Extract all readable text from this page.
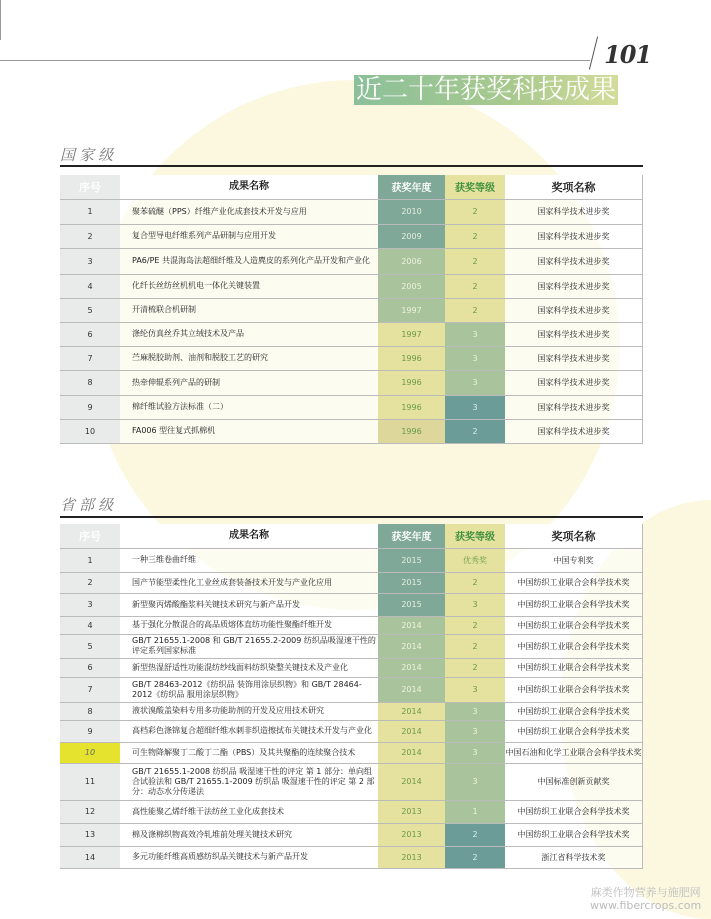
101
近二十年获奖科技成果
国家级
序号	成果名称	获奖年度	获奖等级	奖项名称
1	聚苯硫醚（PPS）纤维产业化成套技术开发与应用	2010	2	国家科学技术进步奖
2	复合型导电纤维系列产品研制与应用开发	2009	2	国家科学技术进步奖
3	PA6/PE 共混海岛法超细纤维及人造麂皮的系列化产品开发和产业化	2006	2	国家科学技术进步奖
4	化纤长丝纺丝机机电一体化关键装置	2005	2	国家科学技术进步奖
5	开清梳联合机研制	1997	2	国家科学技术进步奖
6	涤纶仿真丝乔其立绒技术及产品	1997	3	国家科学技术进步奖
7	苎麻脱胶助剂、油剂和脱胶工艺的研究	1996	3	国家科学技术进步奖
8	热牵伸辊系列产品的研制	1996	3	国家科学技术进步奖
9	棉纤维试验方法标准（二）	1996	3	国家科学技术进步奖
10	FA006 型往复式抓棉机	1996	2	国家科学技术进步奖
省部级
序号	成果名称	获奖年度	获奖等级	奖项名称
1	一种三维卷曲纤维	2015	优秀奖	中国专利奖
2	国产节能型柔性化工业丝成套装备技术开发与产业化应用	2015	2	中国纺织工业联合会科学技术奖
3	新型聚丙烯酸酯浆料关键技术研究与新产品开发	2015	3	中国纺织工业联合会科学技术奖
4	基于强化分散混合的高品质熔体直纺功能性聚酯纤维开发	2014	2	中国纺织工业联合会科学技术奖
5	GB/T 21655.1-2008 和 GB/T 21655.2-2009 纺织品吸湿速干性的评定系列国家标准	2014	2	中国纺织工业联合会科学技术奖
6	新型热湿舒适性功能混纺纱线面料纺织染整关键技术及产业化	2014	2	中国纺织工业联合会科学技术奖
7	GB/T 28463-2012《纺织品 装饰用涂层织物》和 GB/T 28464-2012《纺织品 服用涂层织物》	2014	3	中国纺织工业联合会科学技术奖
8	液状溴酸盖染料专用多功能助剂的开发及应用技术研究	2014	3	中国纺织工业联合会科学技术奖
9	高档彩色涤锦复合超细纤维水刺非织造擦拭布关键技术开发与产业化	2014	3	中国纺织工业联合会科学技术奖
10	可生物降解聚丁二酸丁二酯（PBS）及其共聚酯的连续聚合技术	2014	3	中国石油和化学工业联合会科学技术奖
11	GB/T 21655.1-2008 纺织品 吸湿速干性的评定 第 1 部分：单向组合试验法和 GB/T 21655.1-2009 纺织品 吸湿速干性的评定 第 2 部分：动态水分传递法	2014	3	中国标准创新贡献奖
12	高性能聚乙烯纤维干法纺丝工业化成套技术	2013	1	中国纺织工业联合会科学技术奖
13	棉及涤棉织物高效冷轧堆前处理关键技术研究	2013	2	中国纺织工业联合会科学技术奖
14	多元功能纤维高质感纺织品关键技术与新产品开发	2013	2	浙江省科学技术奖
麻类作物营养与施肥网
www.fibercrops.com
